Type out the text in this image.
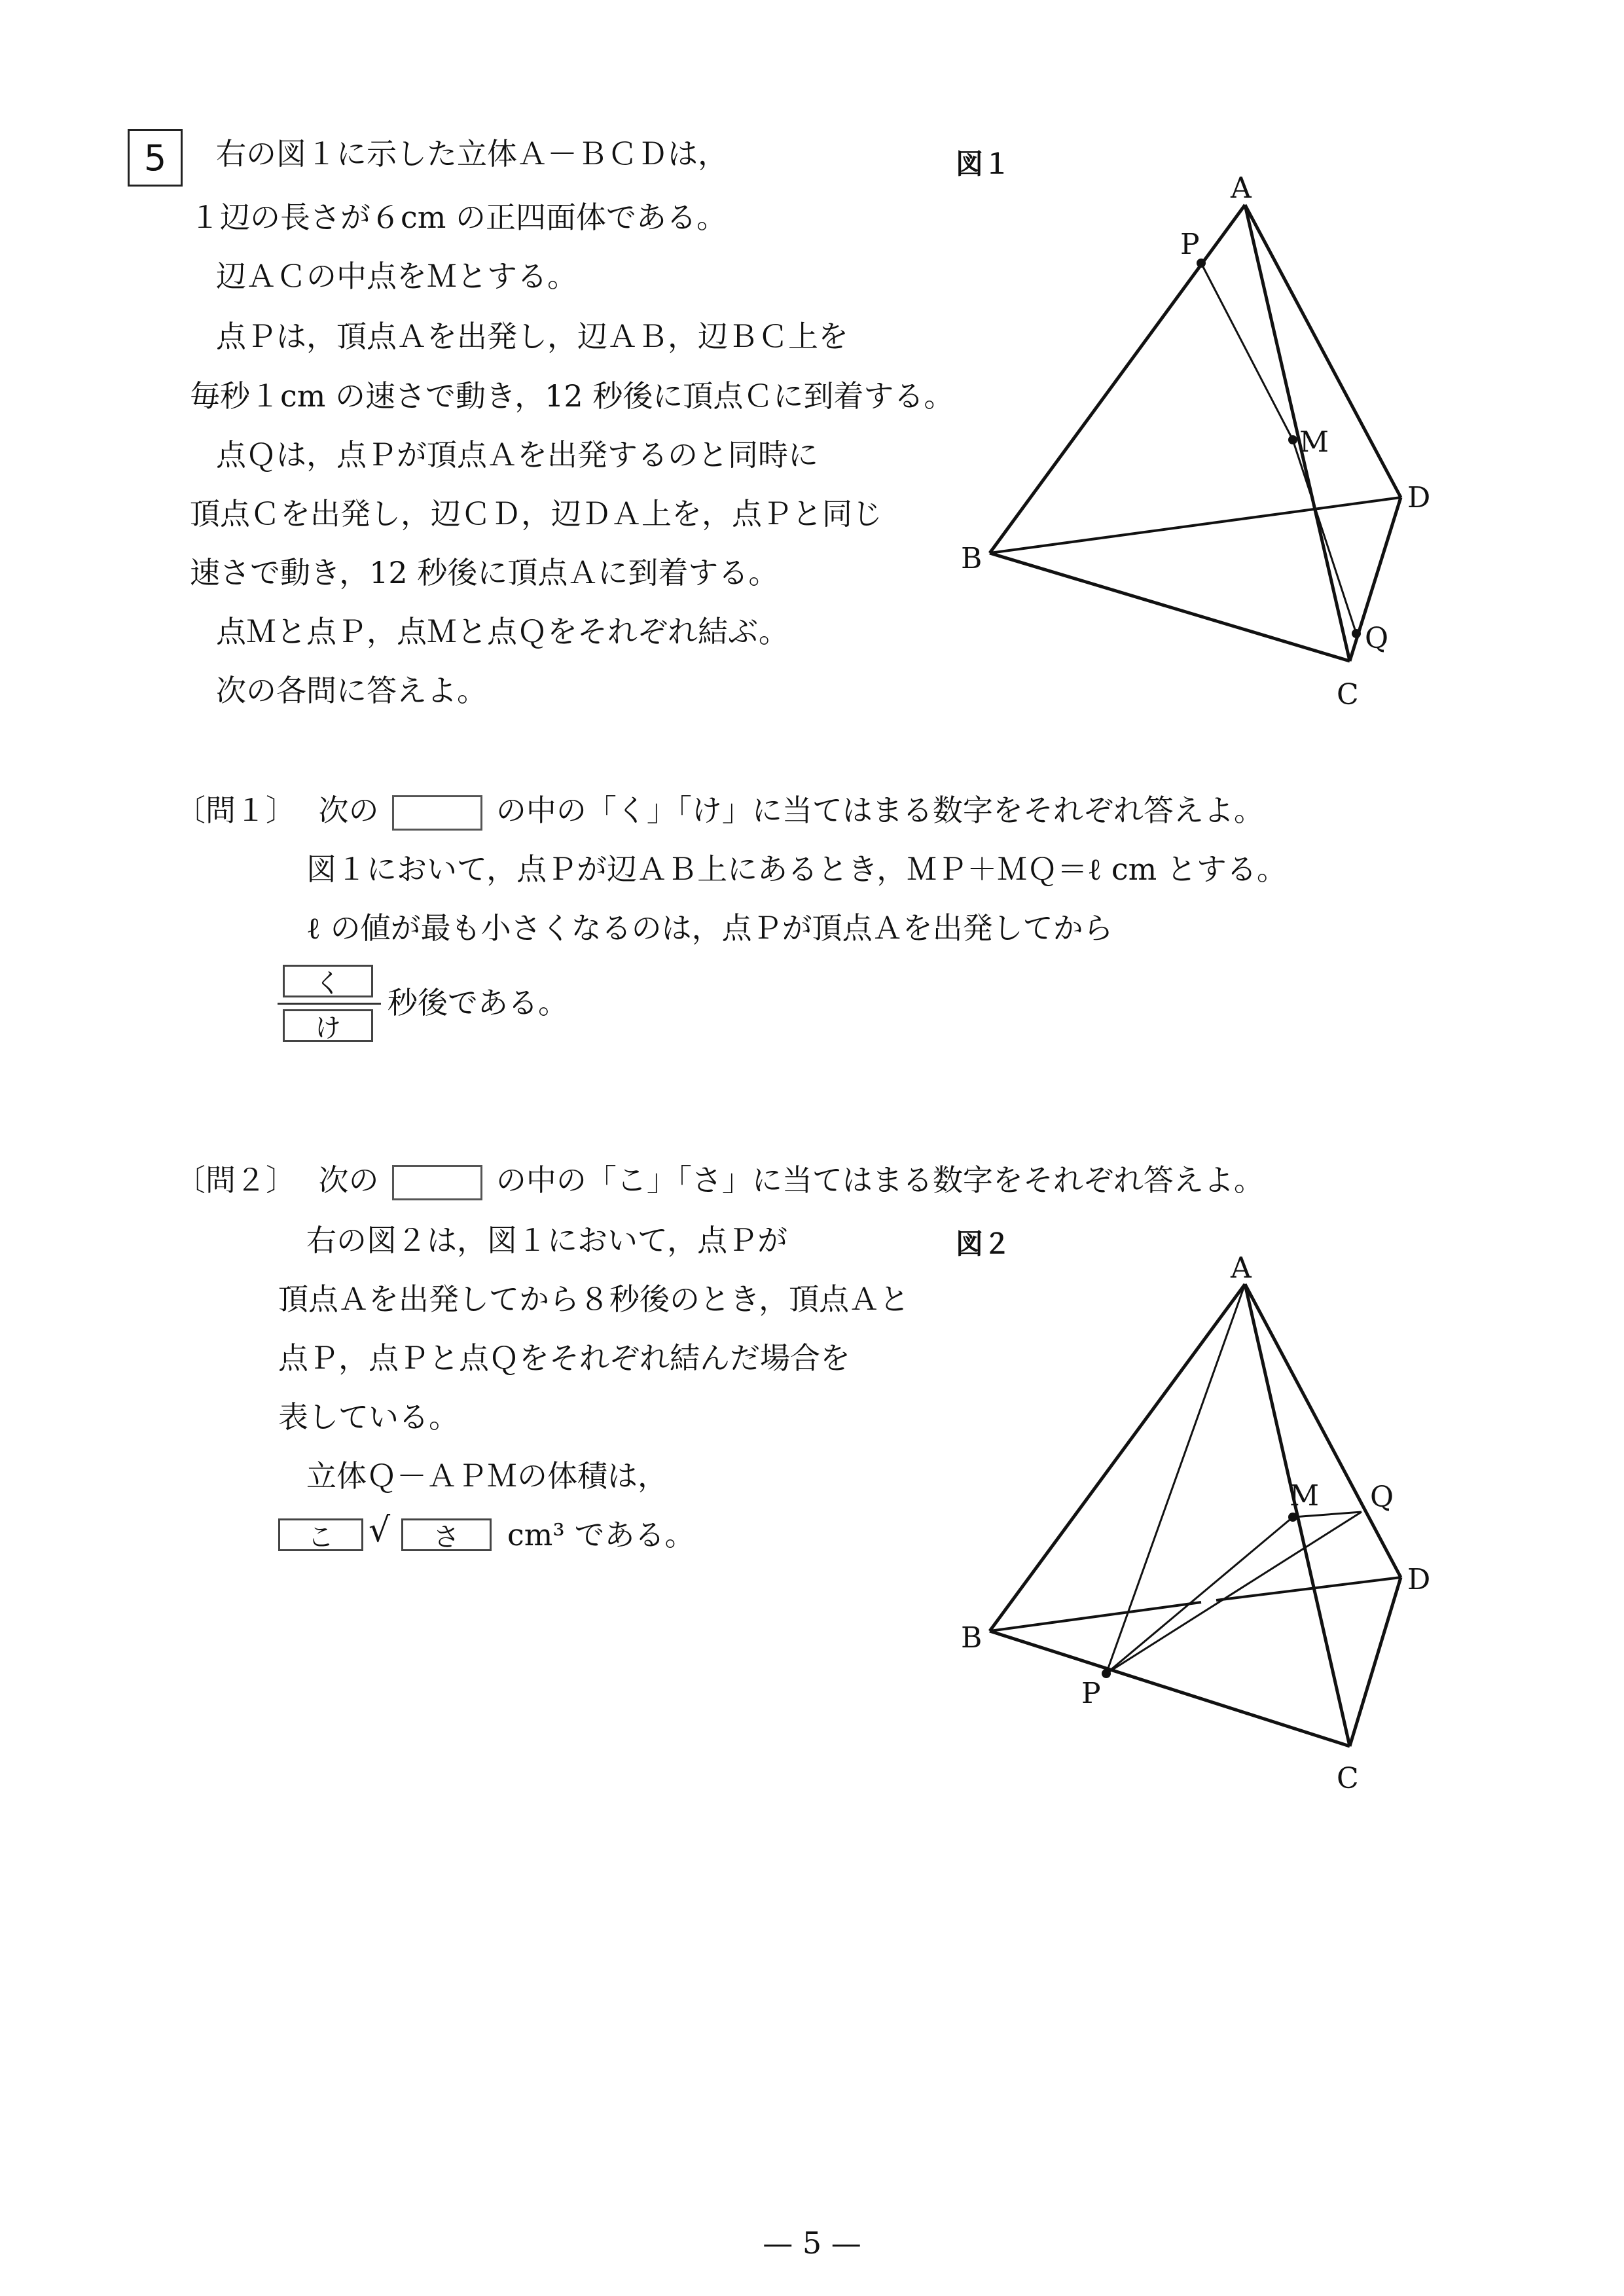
5	右の図１に示した立体Ａ－ＢＣＤは，
１辺の長さが６cm の正四面体である。
辺ＡＣの中点をＭとする。
点Ｐは，頂点Ａを出発し，辺ＡＢ，辺ＢＣ上を
毎秒１cm の速さで動き，12 秒後に頂点Ｃに到着する。
点Ｑは，点Ｐが頂点Ａを出発するのと同時に
頂点Ｃを出発し，辺ＣＤ，辺ＤＡ上を，点Ｐと同じ
速さで動き，12 秒後に頂点Ａに到着する。
点Ｍと点Ｐ，点Ｍと点Ｑをそれぞれ結ぶ。
次の各問に答えよ。
図１
A
B
C
D
M
P
Q
〔問１〕 次の	の中の「く」「け」に当てはまる数字をそれぞれ答えよ。
図１において，点Ｐが辺ＡＢ上にあるとき，ＭＰ＋ＭＱ＝ℓ cm とする。
ℓ の値が最も小さくなるのは，点Ｐが頂点Ａを出発してから
く
け
秒後である。
〔問２〕 次の	の中の「こ」「さ」に当てはまる数字をそれぞれ答えよ。
右の図２は，図１において，点Ｐが
頂点Ａを出発してから８秒後のとき，頂点Ａと
点Ｐ，点Ｐと点Ｑをそれぞれ結んだ場合を
表している。
立体Ｑ－ＡＰＭの体積は，
こ	√	さ	cm³ である。
図２
A
B
C
D
M
P
Q
— 5 —
